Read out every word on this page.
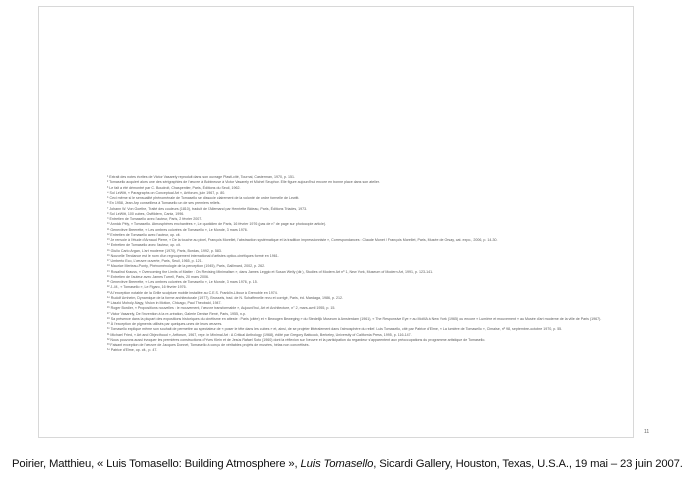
¹ Extrait des notes écrites de Victor Vasarely reproduit dans son ouvrage Plasti-cité, Tournai, Casterman, 1970, p. 151.
² Tomasello acquiert alors une des sérigraphies de l'œuvre à Bobineuse à Victor Vasarely et Michel Seuphor. Elle figure aujourd'hui encore en bonne place dans son atelier.
³ Le fait a été démontré par C. Boudroit, Chaspentier, Paris, Éditions du Seuil, 1962.
⁴ Sol LeWitt, « Paragraphs on Conceptual Art », Artforum, juin 1967, p. 80.
⁵ Ceci même si le sensualité phénoménale de Tomasello se dissocie clairement de la volonté de ordre formelle de Lewitt.
⁶ En 1958, Jean Arp conseillera à Tomasello un de ses premiers reliefs.
⁷ Johann W. Von Goethe, Traité des couleurs (1810), traduit de l'Allemand par Henriette Bideau, Paris, Éditions Triades, 1973.
⁸ Sol LeWitt, 100 cubes, Ostfildern, Cantz, 1996.
⁹ Entretien de Tomasello avec l'auteur, Paris, 2 février 2007.
¹⁰ Annick Pély, « Tomasello. Atmosphères enchantées », Le quotidien de Paris, 16 février 1976 (pas de n° de page sur photocopie article).
¹¹ Geneviève Breerette, « Les ombres colorées de Tomasello », Le Monde, 3 mars 1976.
¹² Entretien de Tomasello avec l'auteur, op. cit.
¹³ Je renvoie à l'étude d'Arnaud Pierre, « De la touche au pixel, François Morellet, l'abstraction systématique et la tradition impressionniste », Correspondances : Claude Monet / François Morellet, Paris, Musée de Orsay, cat. expo., 2006, p. 14-30.
¹⁴ Entretien de Tomasello avec l'auteur, op. cit.
¹⁵ Giulio Carlo Argan, L'art moderne (1970), Paris, Bordas, 1992, p. 583.
¹⁶ Nouvelle Tendance est le nom d'un regroupement international d'artistes optico-cinétiques formé en 1961.
¹⁷ Umberto Eco, L'œuvre ouverte, Paris, Seuil, 1965, p. 121.
¹⁸ Maurice Merleau-Ponty, Phénoménologie de la perception (1945), Paris, Gallimard, 2002, p. 262.
¹⁹ Rosalind Krauss, « Overcoming the Limits of Matter : On Revising Minimalism », dans James Leggio et Susan Weily (dir.), Studies of Modern Art nº 1, New York, Museum of Modern Art, 1991, p. 123-141.
²⁰ Entretien de l'auteur avec James Turrell, Paris, 20 mars 2006.
²¹ Geneviève Breerette, « Les ombres colorées de Tomasello », Le Monde, 3 mars 1976, p. 15.
²² J.-M., « Tomasello », Le Figaro, 16 février 1976.
²³ A l'exception notable de la Grille sculpture mobile installée au C.E.S. Franklin-Libour à Grenoble en 1974.
²⁴ Rudolf Arnheim, Dynamique de la forme architecturale (1977), Brussels, trad. de N. Schaffenelle revu et corrigé, Paris, éd. Mardaga, 1986, p. 212.
²⁵ László Moholy-Nagy, Vision in Motion, Chicago, Paul Theobald, 1947.
²⁶ Roger Bordier, « Propositions nouvelles : le mouvement, l'œuvre transformable », Aujourd'hui, Art et Architecture, n° 2, mars-avril 1955, p. 15.
²⁷ Victor Vasarely, De l'invention à la re-création, Galerie Denise René, Paris, 1955, n.p.
²⁸ Sa présence dans la plupart des expositions historiques du cinétisme en atteste : Paris (citée) et « Bewogen Beweging » du Stedelijk Museum à Amsterdam (1961), « The Responsive Eye » au MoMA à New York (1965) ou encore « Lumière et mouvement » au Musée d'art moderne de la ville de Paris (1967).
²⁹ À l'exception de pigments utilisés par quelques-unes de leurs œuvres.
³⁰ Tomasello explique même son souhait de permettre au spectateur de « poser le tête dans les cubes » et, ainsi, de se projeter littéralement dans l'atmosphère du relief. Luis Tomasello, cité par Patrice d'Elme, « La lumière de Tomasello », Cimaise, nº 98, septembre-octobre 1970, p. 55.
³¹ Michael Fried, « Art and Objecthood », Artforum, 1967, repr. in Minimal Art : A Critical Anthology (1968), édité par Gregory Battcock, Berkeley, University of California Press, 1995, p. 116-147.
³² Nous pouvons aussi évoquer les premières constructions d'Yves Klein et de Jesús Rafael Soto (1960) dont la réflexion sur l'œuvre et la participation du regardeur s'apparentent aux préoccupations du programme artistique de Tomasello.
³³ Faisant exception de l'œuvre de Jacques Donnet, Tomasello à conçu de véritables projets de musées, hélas non concrétisés.
³⁴ Patrice d'Elme, op. cit., p. 47.
11
Poirier, Matthieu, « Luis Tomasello: Building Atmosphere », Luis Tomasello, Sicardi Gallery, Houston, Texas, U.S.A., 19 mai – 23 juin 2007.
